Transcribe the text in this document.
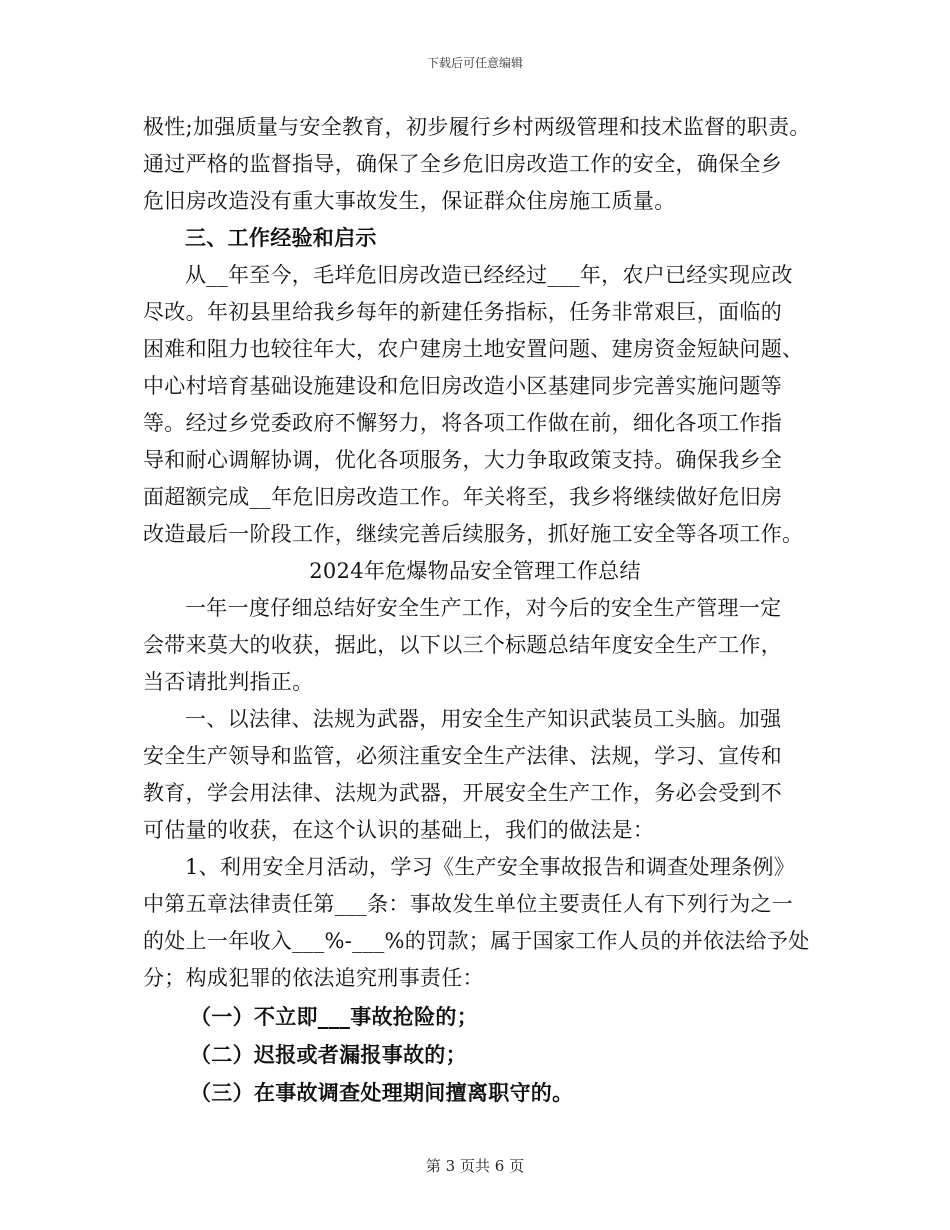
下载后可任意编辑
极性;加强质量与安全教育，初步履行乡村两级管理和技术监督的职责。
通过严格的监督指导，确保了全乡危旧房改造工作的安全，确保全乡
危旧房改造没有重大事故发生，保证群众住房施工质量。
三、工作经验和启示
从__年至今，毛垟危旧房改造已经经过___年，农户已经实现应改
尽改。年初县里给我乡每年的新建任务指标，任务非常艰巨，面临的
困难和阻力也较往年大，农户建房土地安置问题、建房资金短缺问题、
中心村培育基础设施建设和危旧房改造小区基建同步完善实施问题等
等。经过乡党委政府不懈努力，将各项工作做在前，细化各项工作指
导和耐心调解协调，优化各项服务，大力争取政策支持。确保我乡全
面超额完成__年危旧房改造工作。年关将至，我乡将继续做好危旧房
改造最后一阶段工作，继续完善后续服务，抓好施工安全等各项工作。
2024年危爆物品安全管理工作总结
一年一度仔细总结好安全生产工作，对今后的安全生产管理一定
会带来莫大的收获，据此，以下以三个标题总结年度安全生产工作，
当否请批判指正。
一、以法律、法规为武器，用安全生产知识武装员工头脑。加强
安全生产领导和监管，必须注重安全生产法律、法规，学习、宣传和
教育，学会用法律、法规为武器，开展安全生产工作，务必会受到不
可估量的收获，在这个认识的基础上，我们的做法是：
1、利用安全月活动，学习《生产安全事故报告和调查处理条例》
中第五章法律责任第___条：事故发生单位主要责任人有下列行为之一
的处上一年收入___%-___%的罚款；属于国家工作人员的并依法给予处
分；构成犯罪的依法追究刑事责任：
（一）不立即___事故抢险的；
（二）迟报或者漏报事故的；
（三）在事故调查处理期间擅离职守的。
第 3 页共 6 页
